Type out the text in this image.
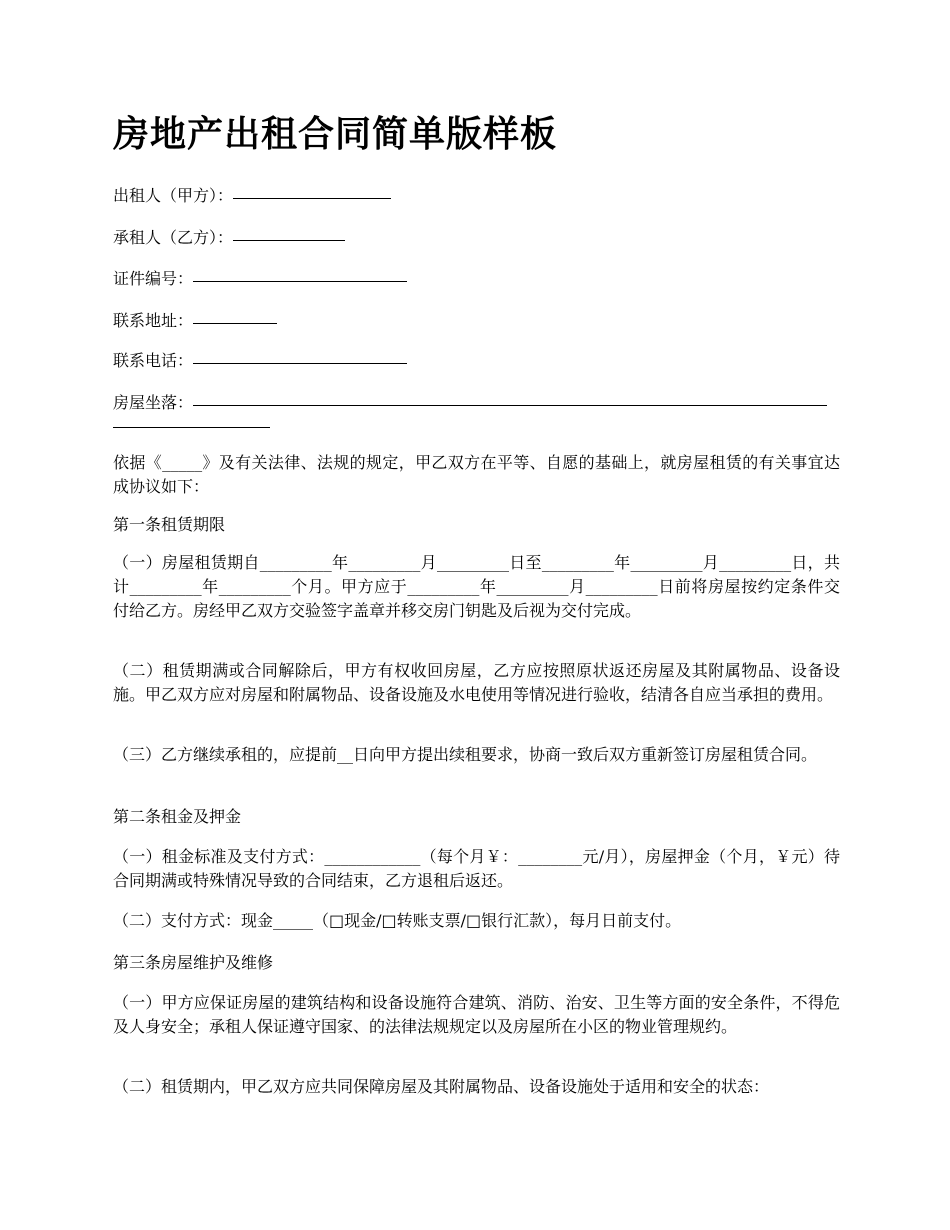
房地产出租合同简单版样板
出租人（甲方）：
承租人（乙方）：
证件编号：
联系地址：
联系电话：
房屋坐落：
依据《_____》及有关法律、法规的规定，甲乙双方在平等、自愿的基础上，就房屋租赁的有关事宜达成协议如下：
第一条租赁期限
（一）房屋租赁期自_________年_________月_________日至_________年_________月_________日，共计_________年_________个月。甲方应于_________年_________月_________日前将房屋按约定条件交付给乙方。房经甲乙双方交验签字盖章并移交房门钥匙及后视为交付完成。
（二）租赁期满或合同解除后，甲方有权收回房屋，乙方应按照原状返还房屋及其附属物品、设备设施。甲乙双方应对房屋和附属物品、设备设施及水电使用等情况进行验收，结清各自应当承担的费用。
（三）乙方继续承租的，应提前__日向甲方提出续租要求，协商一致后双方重新签订房屋租赁合同。
第二条租金及押金
（一）租金标准及支付方式：____________（每个月￥：________元/月），房屋押金（个月，￥元）待合同期满或特殊情况导致的合同结束，乙方退租后返还。
（二）支付方式：现金_____（□现金/□转账支票/□银行汇款），每月日前支付。
第三条房屋维护及维修
（一）甲方应保证房屋的建筑结构和设备设施符合建筑、消防、治安、卫生等方面的安全条件，不得危及人身安全；承租人保证遵守国家、的法律法规规定以及房屋所在小区的物业管理规约。
（二）租赁期内，甲乙双方应共同保障房屋及其附属物品、设备设施处于适用和安全的状态：
